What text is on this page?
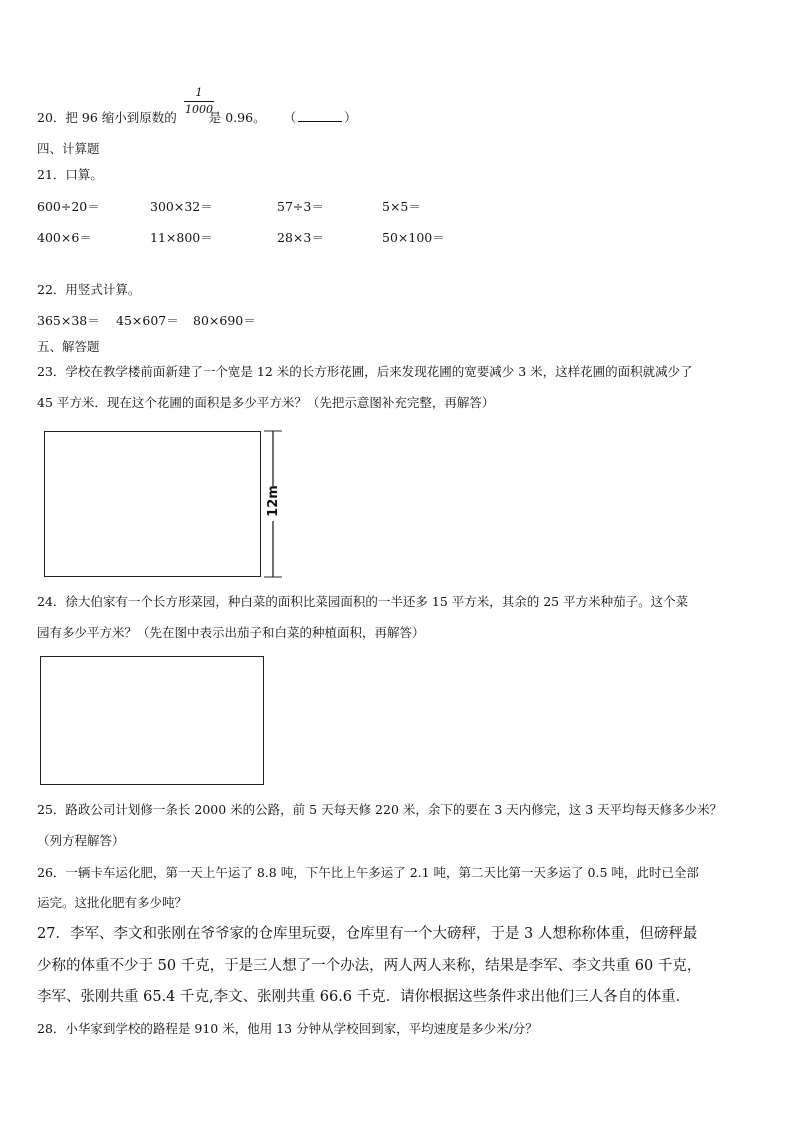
20．把 96 缩小到原数的	是 0.96。 （	）
1
1000
四、计算题
21．口算。
600÷20＝	300×32＝	57÷3＝	5×5＝
400×6＝	11×800＝	28×3＝	50×100＝
22．用竖式计算。
365×38＝ 45×607＝ 80×690＝
五、解答题
23．学校在教学楼前面新建了一个宽是 12 米的长方形花圃，后来发现花圃的宽要减少 3 米，这样花圃的面积就减少了
45 平方米．现在这个花圃的面积是多少平方米？（先把示意图补充完整，再解答）
12m
24．徐大伯家有一个长方形菜园，种白菜的面积比菜园面积的一半还多 15 平方米，其余的 25 平方米种茄子。这个菜
园有多少平方米？（先在图中表示出茄子和白菜的种植面积，再解答）
25．路政公司计划修一条长 2000 米的公路，前 5 天每天修 220 米，余下的要在 3 天内修完，这 3 天平均每天修多少米？
（列方程解答）
26．一辆卡车运化肥，第一天上午运了 8.8 吨，下午比上午多运了 2.1 吨，第二天比第一天多运了 0.5 吨，此时已全部
运完。这批化肥有多少吨？
27．李军、李文和张刚在爷爷家的仓库里玩耍，仓库里有一个大磅秤，于是 3 人想称称体重，但磅秤最
少称的体重不少于 50 千克，于是三人想了一个办法，两人两人来称，结果是李军、李文共重 60 千克，
李军、张刚共重 65.4 千克,李文、张刚共重 66.6 千克．请你根据这些条件求出他们三人各自的体重．
28．小华家到学校的路程是 910 米，他用 13 分钟从学校回到家，平均速度是多少米/分？
